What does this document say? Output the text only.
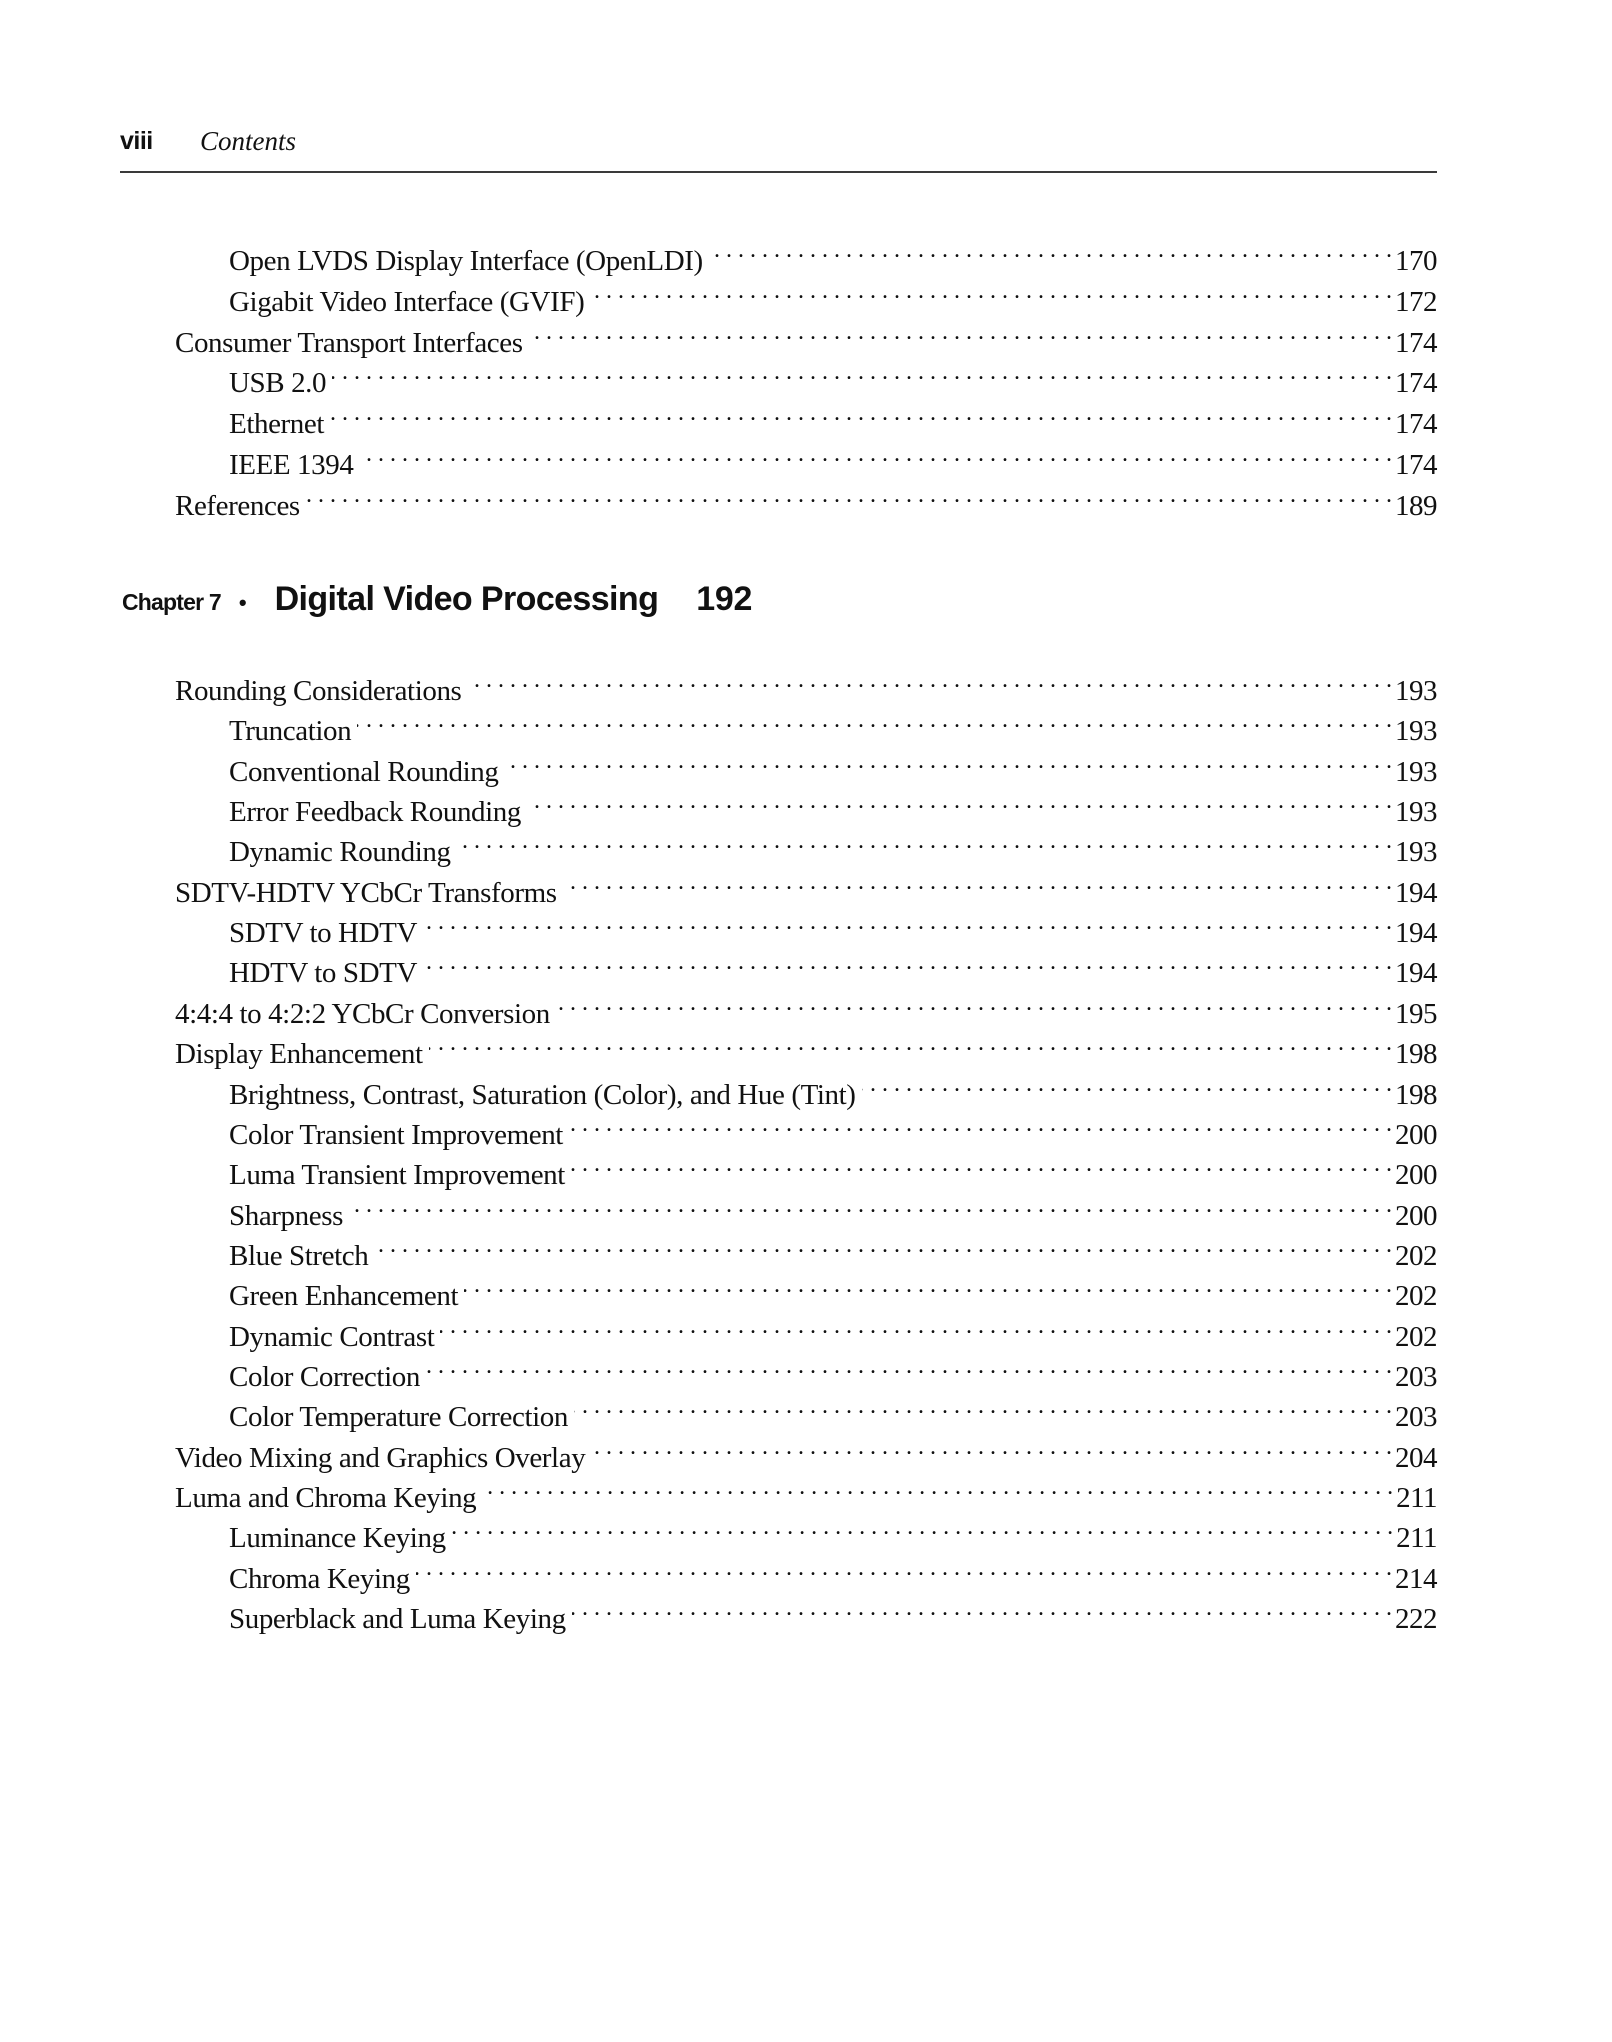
viii Contents
Open LVDS Display Interface (OpenLDI) . . .	170
Gigabit Video Interface (GVIF) . . .	172
Consumer Transport Interfaces . . .	174
USB 2.0 . . .	174
Ethernet . . .	174
IEEE 1394 . . .	174
References . . .	189
Chapter 7 • Digital Video Processing 192
Rounding Considerations . . .	193
Truncation . . .	193
Conventional Rounding . . .	193
Error Feedback Rounding . . .	193
Dynamic Rounding . . .	193
SDTV-HDTV YCbCr Transforms . . .	194
SDTV to HDTV . . .	194
HDTV to SDTV . . .	194
4:4:4 to 4:2:2 YCbCr Conversion . . .	195
Display Enhancement . . .	198
Brightness, Contrast, Saturation (Color), and Hue (Tint) . . .	198
Color Transient Improvement . . .	200
Luma Transient Improvement . . .	200
Sharpness . . .	200
Blue Stretch . . .	202
Green Enhancement . . .	202
Dynamic Contrast . . .	202
Color Correction . . .	203
Color Temperature Correction . . .	203
Video Mixing and Graphics Overlay . . .	204
Luma and Chroma Keying . . .	211
Luminance Keying . . .	211
Chroma Keying . . .	214
Superblack and Luma Keying . . .	222
